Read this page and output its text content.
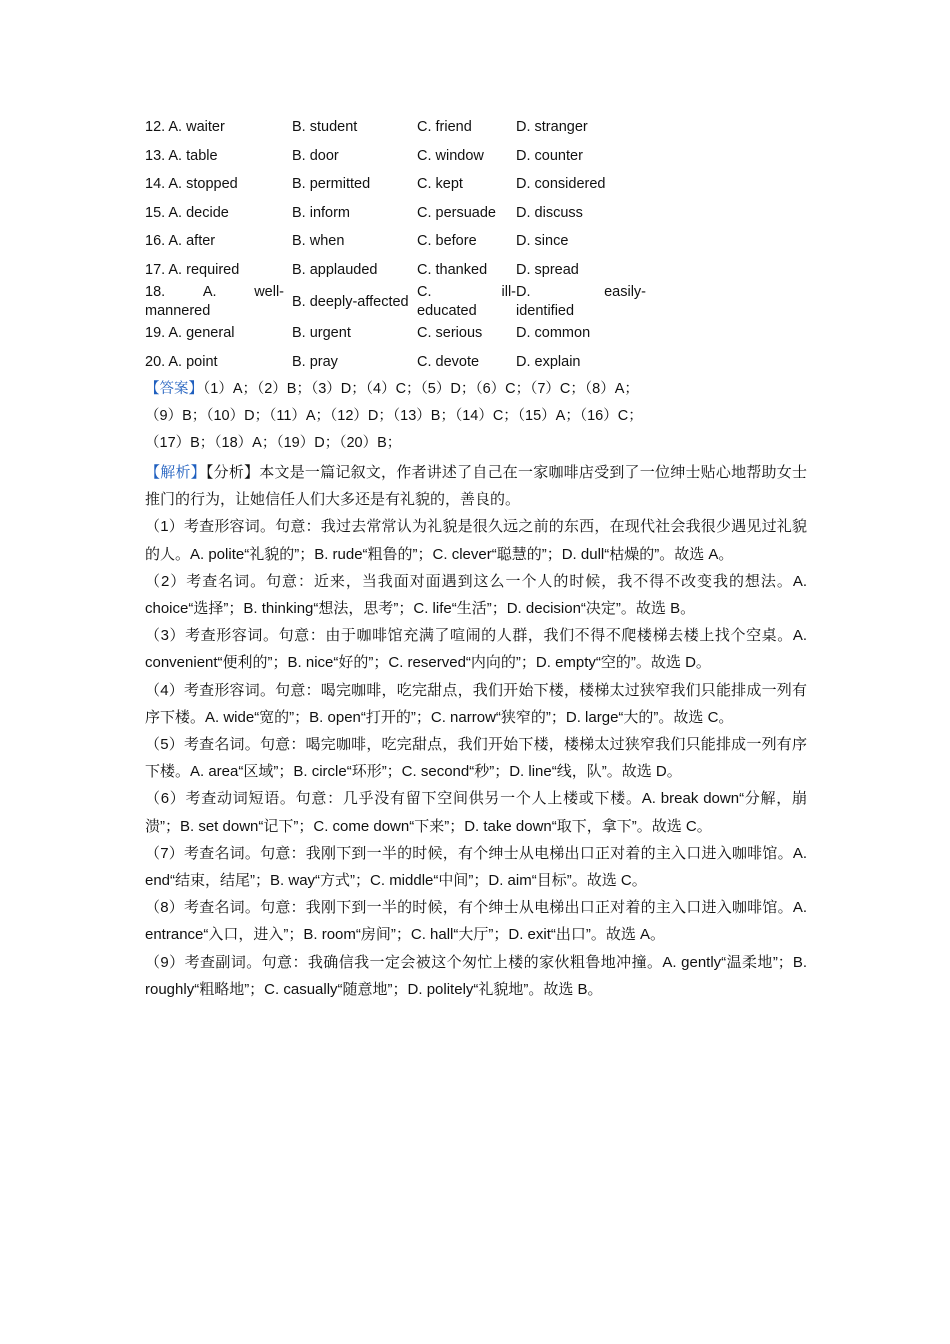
12. A. waiter	B. student	C. friend	D. stranger
13. A. table	B. door	C. window	D. counter
14. A. stopped	B. permitted	C. kept	D. considered
15. A. decide	B. inform	C. persuade	D. discuss
16. A. after	B. when	C. before	D. since
17. A. required	B. applauded	C. thanked	D. spread

18. A. well-
mannered	B. deeply-affected	C. ill-
educated	D. easily-
identified

19. A. general	B. urgent	C. serious	D. common
20. A. point	B. pray	C. devote	D. explain
【答案】（1）A；（2）B；（3）D；（4）C；（5）D；（6）C；（7）C；（8）A；
（9）B；（10）D；（11）A；（12）D；（13）B；（14）C；（15）A；（16）C；
（17）B；（18）A；（19）D；（20）B；

【解析】【分析】本文是一篇记叙文，作者讲述了自己在一家咖啡店受到了一位绅士贴心地帮助女士推门的行为，让她信任人们大多还是有礼貌的，善良的。

（1）考查形容词。句意：我过去常常认为礼貌是很久远之前的东西，在现代社会我很少遇见过礼貌的人。A. polite“礼貌的”；B. rude“粗鲁的”；C. clever“聪慧的”；D. dull“枯燥的”。故选 A。

（2）考查名词。句意：近来，当我面对面遇到这么一个人的时候，我不得不改变我的想法。A. choice“选择”；B. thinking“想法，思考”；C. life“生活”；D. decision“决定”。故选 B。

（3）考查形容词。句意：由于咖啡馆充满了喧闹的人群，我们不得不爬楼梯去楼上找个空桌。A. convenient“便利的”；B. nice“好的”；C. reserved“内向的”；D. empty“空的”。故选 D。

（4）考查形容词。句意：喝完咖啡，吃完甜点，我们开始下楼，楼梯太过狭窄我们只能排成一列有序下楼。A. wide“宽的”；B. open“打开的”；C. narrow“狭窄的”；D. large“大的”。故选 C。

（5）考查名词。句意：喝完咖啡，吃完甜点，我们开始下楼，楼梯太过狭窄我们只能排成一列有序下楼。A. area“区域”；B. circle“环形”；C. second“秒”；D. line“线，队”。故选 D。

（6）考查动词短语。句意：几乎没有留下空间供另一个人上楼或下楼。A. break down“分解，崩溃”；B. set down“记下”；C. come down“下来”；D. take down“取下，拿下”。故选 C。

（7）考查名词。句意：我刚下到一半的时候，有个绅士从电梯出口正对着的主入口进入咖啡馆。A. end“结束，结尾”；B. way“方式”；C. middle“中间”；D. aim“目标”。故选 C。

（8）考查名词。句意：我刚下到一半的时候，有个绅士从电梯出口正对着的主入口进入咖啡馆。A. entrance“入口，进入”；B. room“房间”；C. hall“大厅”；D. exit“出口”。故选 A。

（9）考查副词。句意：我确信我一定会被这个匆忙上楼的家伙粗鲁地冲撞。A. gently“温柔地”；B. roughly“粗略地”；C. casually“随意地”；D. politely“礼貌地”。故选 B。
